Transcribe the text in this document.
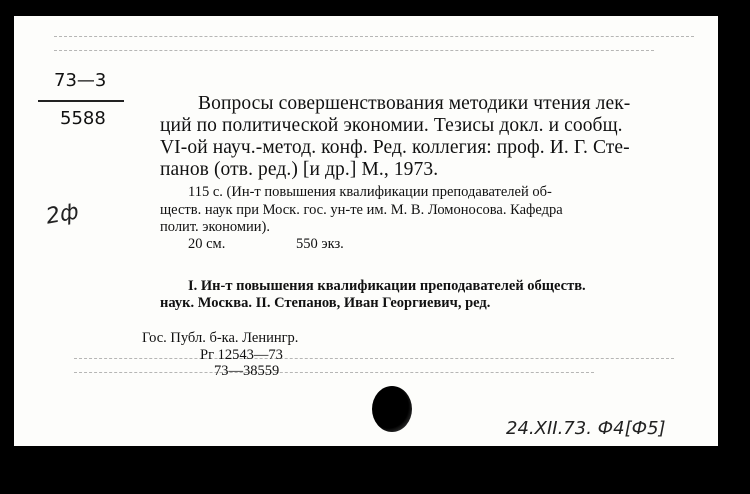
73—3
5588
Вопросы совершенствования методики чтения лек-
ций по политической экономии. Тезисы докл. и сообщ.
VI-ой науч.-метод. конф. Ред. коллегия: проф. И. Г. Сте-
панов (отв. ред.) [и др.] М., 1973.
115 с. (Ин-т повышения квалификации преподавателей об-
ществ. наук при Моск. гос. ун-те им. М. В. Ломоносова. Кафедра
полит. экономии).
20 см.	550 экз.
I. Ин-т повышения квалификации преподавателей обществ.
наук. Москва. II. Степанов, Иван Георгиевич, ред.
Гос. Публ. б-ка. Ленингр.
Рг 12543—73
73—38559
2ф
24.XII.73. Ф4[Ф5]
